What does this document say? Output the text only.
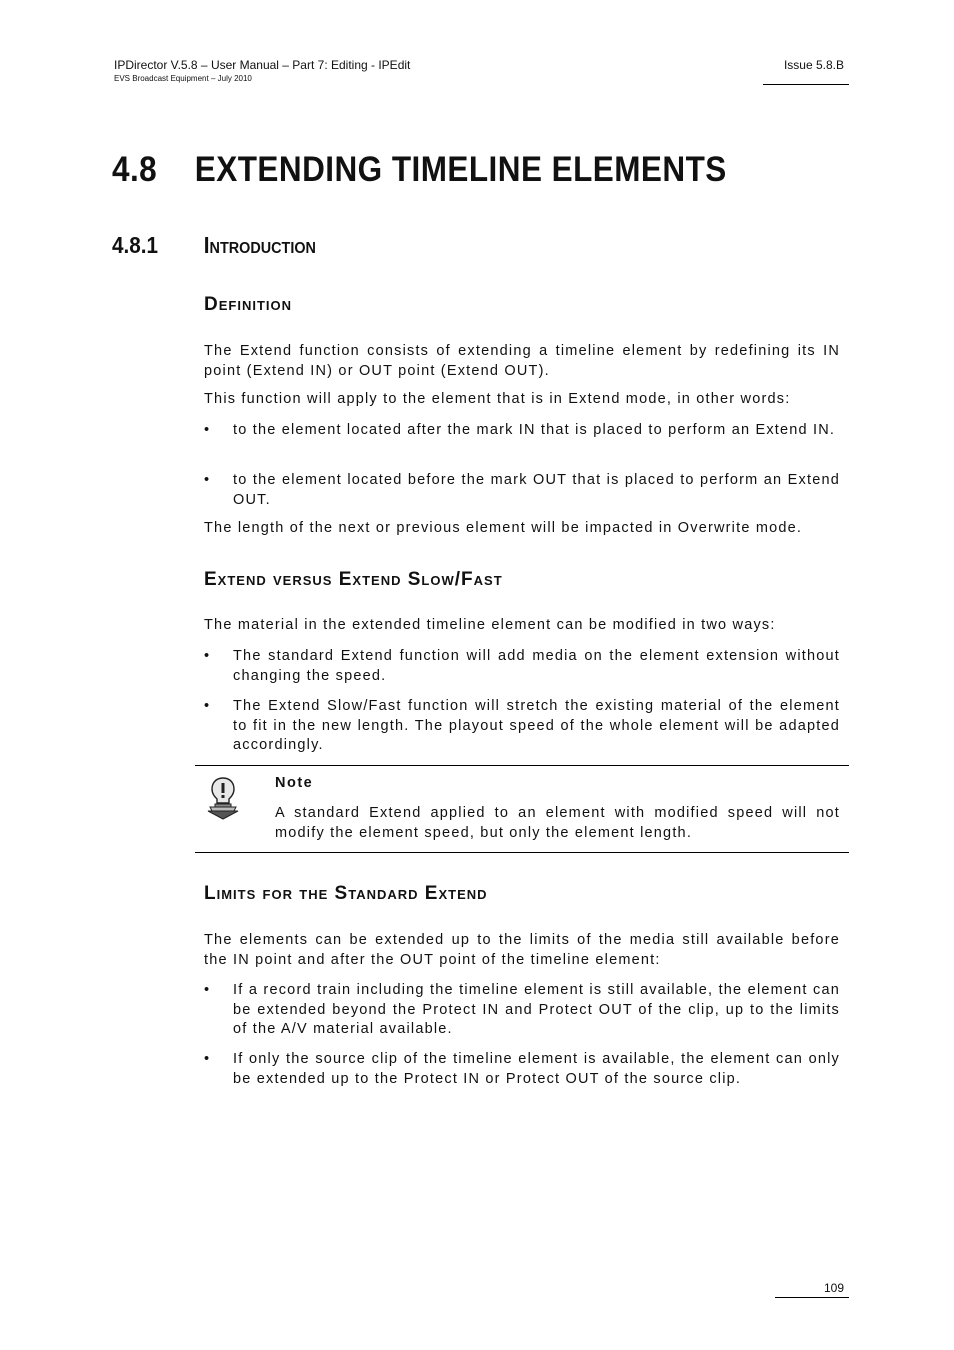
IPDirector V.5.8 – User Manual – Part 7: Editing - IPEdit
EVS Broadcast Equipment – July 2010
Issue 5.8.B
4.8 EXTENDING TIMELINE ELEMENTS
4.8.1 Introduction
Definition

The Extend function consists of extending a timeline element by redefining its IN point (Extend IN) or OUT point (Extend OUT).

This function will apply to the element that is in Extend mode, in other words:

•	to the element located after the mark IN that is placed to perform an Extend IN.
•	to the element located before the mark OUT that is placed to perform an Extend OUT.

The length of the next or previous element will be impacted in Overwrite mode.

Extend versus Extend Slow/Fast

The material in the extended timeline element can be modified in two ways:

•	The standard Extend function will add media on the element extension without changing the speed.
•	The Extend Slow/Fast function will stretch the existing material of the element to fit in the new length. The playout speed of the whole element will be adapted accordingly.
Note
A standard Extend applied to an element with modified speed will not modify the element speed, but only the element length.
Limits for the Standard Extend

The elements can be extended up to the limits of the media still available before the IN point and after the OUT point of the timeline element:

•	If a record train including the timeline element is still available, the element can be extended beyond the Protect IN and Protect OUT of the clip, up to the limits of the A/V material available.
•	If only the source clip of the timeline element is available, the element can only be extended up to the Protect IN or Protect OUT of the source clip.
109
